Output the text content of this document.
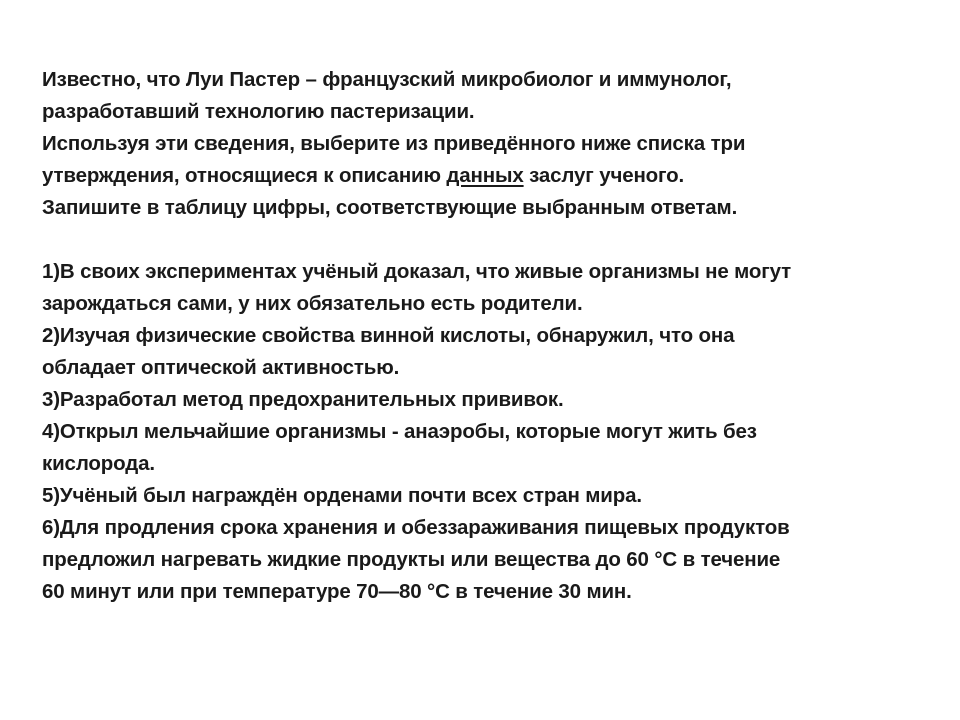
Известно, что Луи Пастер – французский микробиолог и иммунолог,

разработавший технологию пастеризации.

Используя эти сведения, выберите из приведённого ниже списка три

утверждения, относящиеся к описанию данных заслуг ученого.

Запишите в таблицу цифры, соответствующие выбранным ответам.

1)В своих экспериментах учёный доказал, что живые организмы не могут

зарождаться сами, у них обязательно есть родители.

2)Изучая физические свойства винной кислоты, обнаружил, что она

обладает оптической активностью.

3)Разработал метод предохранительных прививок.

4)Открыл мельчайшие организмы - анаэробы, которые могут жить без

кислорода.

5)Учёный был награждён орденами почти всех стран мира.

6)Для продления срока хранения и обеззараживания пищевых продуктов

предложил нагревать жидкие продукты или вещества до 60 °С в течение

60 минут или при температуре 70—80 °С в течение 30 мин.
